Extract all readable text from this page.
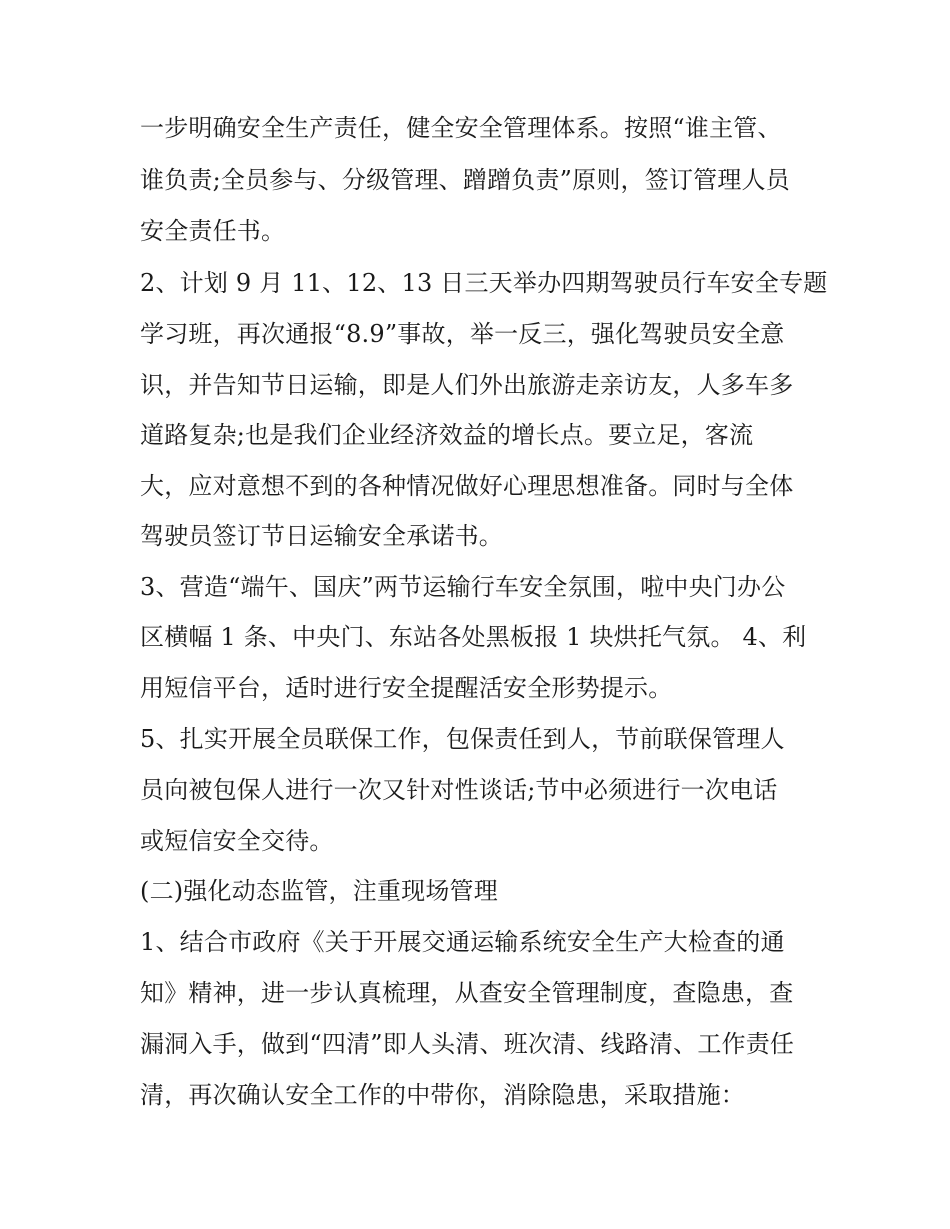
一步明确安全生产责任，健全安全管理体系。按照“谁主管、
谁负责;全员参与、分级管理、蹭蹭负责”原则，签订管理人员
安全责任书。
2、计划 9 月 11、12、13 日三天举办四期驾驶员行车安全专题
学习班，再次通报“8.9”事故，举一反三，强化驾驶员安全意
识，并告知节日运输，即是人们外出旅游走亲访友，人多车多
道路复杂;也是我们企业经济效益的增长点。要立足，客流
大，应对意想不到的各种情况做好心理思想准备。同时与全体
驾驶员签订节日运输安全承诺书。
3、营造“端午、国庆”两节运输行车安全氛围，啦中央门办公
区横幅 1 条、中央门、东站各处黑板报 1 块烘托气氛。 4、利
用短信平台，适时进行安全提醒活安全形势提示。
5、扎实开展全员联保工作，包保责任到人，节前联保管理人
员向被包保人进行一次又针对性谈话;节中必须进行一次电话
或短信安全交待。
(二)强化动态监管，注重现场管理
1、结合市政府《关于开展交通运输系统安全生产大检查的通
知》精神，进一步认真梳理，从查安全管理制度，查隐患，查
漏洞入手，做到“四清”即人头清、班次清、线路清、工作责任
清，再次确认安全工作的中带你，消除隐患，采取措施：
